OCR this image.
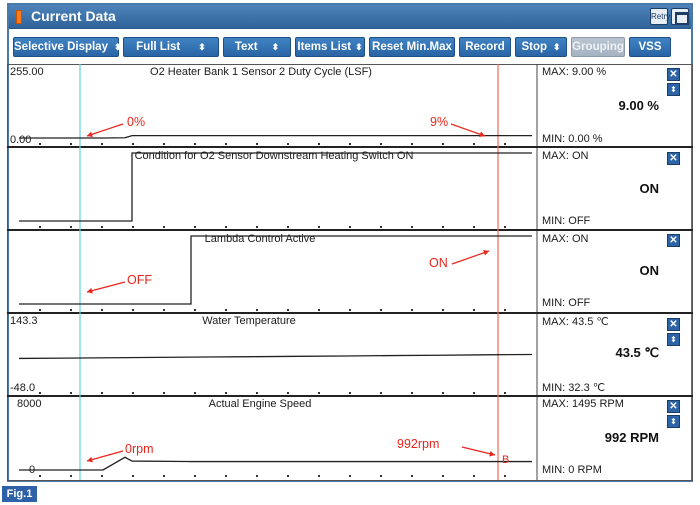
Current Data	Retry
Selective Display ⬍	Full List ⬍	Text ⬍	Items List ⬍ Reset Min.Max	Record	Stop ⬍	Grouping	VSS
255.00
0.00
O2 Heater Bank 1 Sensor 2 Duty Cycle (LSF)
0%	9%
MAX: 9.00 %
9.00 %
MIN: 0.00 %
✕
⬍
Condition for O2 Sensor Downstream Heating Switch ON	MAX: ON
ON
MIN: OFF
✕
Lambda Control Active
OFF
ON
MAX: ON
ON
MIN: OFF
✕
143.3
-48.0
Water Temperature	MAX: 43.5 ℃
43.5 ℃
MIN: 32.3 ℃
✕
⬍
8000
0
Actual Engine Speed
0rpm	992rpm
B
MAX: 1495 RPM
992 RPM
MIN: 0 RPM
✕
⬍
Fig.1
